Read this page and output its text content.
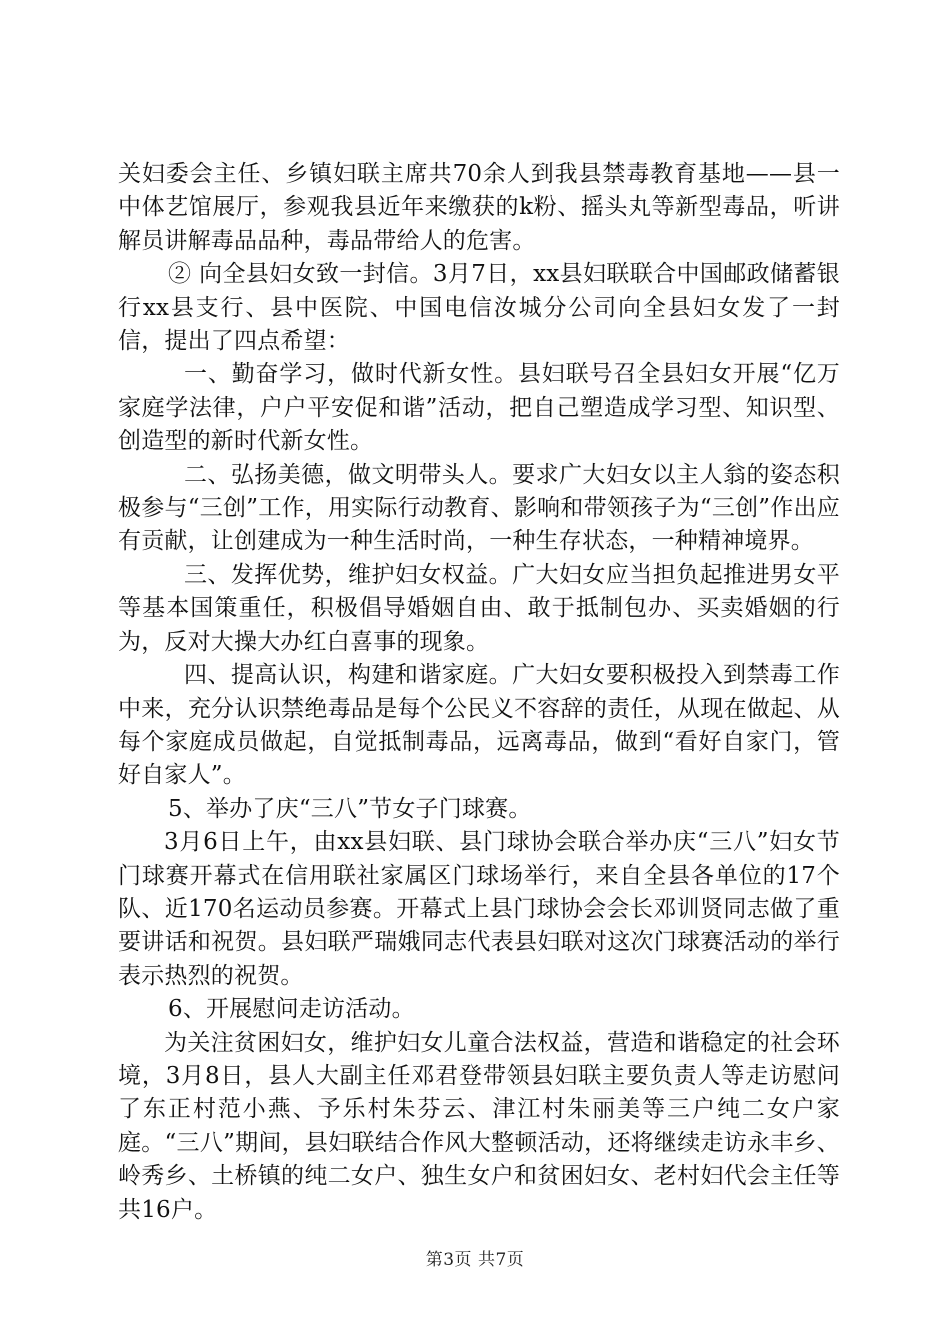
关妇委会主任、乡镇妇联主席共70余人到我县禁毒教育基地——县一中体艺馆展厅，参观我县近年来缴获的k粉、摇头丸等新型毒品，听讲解员讲解毒品品种，毒品带给人的危害。

② 向全县妇女致一封信。3月7日，xx县妇联联合中国邮政储蓄银行xx县支行、县中医院、中国电信汝城分公司向全县妇女发了一封信，提出了四点希望：

一、勤奋学习，做时代新女性。县妇联号召全县妇女开展“亿万家庭学法律，户户平安促和谐”活动，把自己塑造成学习型、知识型、创造型的新时代新女性。

二、弘扬美德，做文明带头人。要求广大妇女以主人翁的姿态积极参与“三创”工作，用实际行动教育、影响和带领孩子为“三创”作出应有贡献，让创建成为一种生活时尚，一种生存状态，一种精神境界。

三、发挥优势，维护妇女权益。广大妇女应当担负起推进男女平等基本国策重任，积极倡导婚姻自由、敢于抵制包办、买卖婚姻的行为，反对大操大办红白喜事的现象。

四、提高认识，构建和谐家庭。广大妇女要积极投入到禁毒工作中来，充分认识禁绝毒品是每个公民义不容辞的责任，从现在做起、从每个家庭成员做起，自觉抵制毒品，远离毒品，做到“看好自家门，管好自家人”。

5、举办了庆“三八”节女子门球赛。

3月6日上午，由xx县妇联、县门球协会联合举办庆“三八”妇女节门球赛开幕式在信用联社家属区门球场举行，来自全县各单位的17个队、近170名运动员参赛。开幕式上县门球协会会长邓训贤同志做了重要讲话和祝贺。县妇联严瑞娥同志代表县妇联对这次门球赛活动的举行表示热烈的祝贺。

6、开展慰问走访活动。

为关注贫困妇女，维护妇女儿童合法权益，营造和谐稳定的社会环境，3月8日，县人大副主任邓君登带领县妇联主要负责人等走访慰问了东正村范小燕、予乐村朱芬云、津江村朱丽美等三户纯二女户家庭。“三八”期间，县妇联结合作风大整顿活动，还将继续走访永丰乡、岭秀乡、土桥镇的纯二女户、独生女户和贫困妇女、老村妇代会主任等共16户。

第3页 共7页
